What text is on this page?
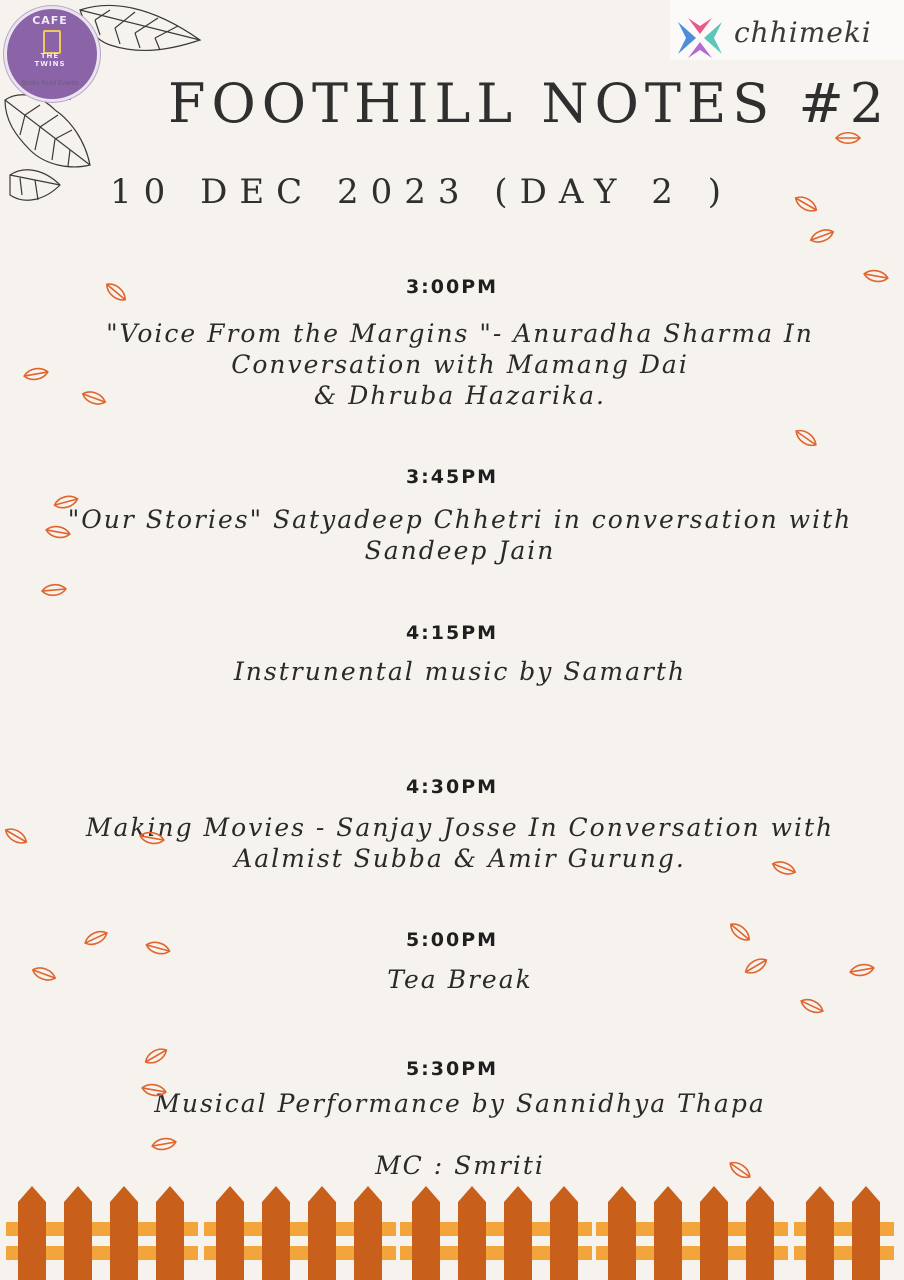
CAFE
THE TWINS
Books Food Events
chhimeki
FOOTHILL NOTES #2
10 DEC 2023 (DAY 2 )
3:00PM
"Voice From the Margins "- Anuradha Sharma In
Conversation with Mamang Dai
& Dhruba Hazarika.
3:45PM
"Our Stories" Satyadeep Chhetri in conversation with
Sandeep Jain
4:15PM
Instrunental music by Samarth
4:30PM
Making Movies - Sanjay Josse In Conversation with
Aalmist Subba & Amir Gurung.
5:00PM
Tea Break
5:30PM
Musical Performance by Sannidhya Thapa
MC : Smriti
